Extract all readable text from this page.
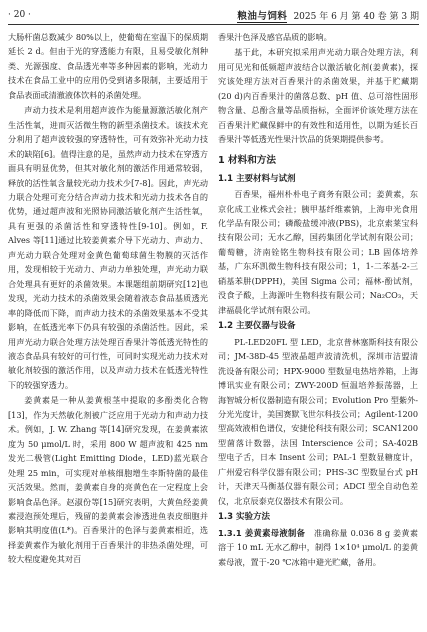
· 20 ·	粮油与饲料 2025 年 6 月 第 40 卷 第 3 期

大肠杆菌总数减少 80%以上，使葡萄在室温下的保质期延长 2 d。但由于光的穿透能力有限，且易受敏化剂种类、光源强度、食品透光率等多种因素的影响，光动力技术在食品工业中的应用仍受到诸多限制，主要适用于食品表面或清澈液体饮料的杀菌处理。

声动力技术是利用超声波作为能量源激活敏化剂产生活性氧，进而灭活微生物的新型杀菌技术。该技术充分利用了超声波较强的穿透特性，可有效弥补光动力技术的缺陷[6]。值得注意的是，虽然声动力技术在穿透方面具有明显优势，但其对敏化剂的激活作用通常较弱，释放的活性氧含量较光动力技术少[7-8]。因此，声光动力联合处理可充分结合声动力技术和光动力技术各自的优势，通过超声波和光照协同激活敏化剂产生活性氧，具有更强的杀菌活性和穿透特性[9-10]。例如，F. Alves 等[11]通过比较姜黄素介导下光动力、声动力、声光动力联合处理对金黄色葡萄球菌生物膜的灭活作用，发现相较于光动力、声动力单独处理，声光动力联合处理具有更好的杀菌效果。本课题组前期研究[12]也发现，光动力技术的杀菌效果会随着液态食品基质透光率的降低而下降，而声动力技术的杀菌效果基本不受其影响，在低透光率下仍具有较强的杀菌活性。因此，采用声光动力联合处理方法处理百香果汁等低透光特性的液态食品具有较好的可行性，可同时实现光动力技术对敏化剂较强的激活作用，以及声动力技术在低透光特性下的较强穿透力。

姜黄素是一种从姜黄根茎中提取的多酚类化合物[13]，作为天然敏化剂被广泛应用于光动力和声动力技术。例如，J. W. Zhang 等[14]研究发现，在姜黄素浓度为 50 μmol/L 时，采用 800 W 超声波和 425 nm 发光二极管(Light Emitting Diode，LED)蓝光联合处理 25 min，可实现对单核细胞增生李斯特菌的最佳灭活效果。然而，姜黄素自身的亮黄色在一定程度上会影响食品色泽。赵淑份等[15]研究表明，大黄鱼经姜黄素浸泡预处理后，残留的姜黄素会渗透进鱼表皮细胞并影响其明度值(L*)。百香果汁的色泽与姜黄素相近，选择姜黄素作为敏化剂用于百香果汁的非热杀菌处理，可较大程度避免其对百

香果汁色泽及感官品质的影响。

基于此，本研究拟采用声光动力联合处理方法，利用可见光和低频超声波结合以激活敏化剂(姜黄素)，探究该处理方法对百香果汁的杀菌效果，并基于贮藏期(20 d)内百香果汁的菌落总数、pH 值、总可溶性固形物含量、总酚含量等品质指标，全面评价该处理方法在百香果汁贮藏保鲜中的有效性和适用性，以期为延长百香果汁等低透光性果汁饮品的货架期提供参考。

1 材料和方法
1.1 主要材料与试剂

百香果，福州朴朴电子商务有限公司；姜黄素，东京化成工业株式会社；胰甲基纤维素钠，上海申光食用化学品有限公司；磷酸盐缓冲液(PBS)，北京索莱宝科技有限公司；无水乙醇，国药集团化学试剂有限公司；葡萄糖，济南铨铭生物科技有限公司；LB 固体培养基，广东环凯微生物科技有限公司；1，1-二苯基-2-三硝基苯肼(DPPH)，美国 Sigma 公司；福林-酚试剂，没食子酸，上海源叶生物科技有限公司；Na₂CO₃，天津福晨化学试剂有限公司。

1.2 主要仪器与设备

PL-LED20FL 型 LED，北京普林塞斯科技有限公司；JM-38D-45 型液晶超声波清洗机，深圳市洁盟清洗设备有限公司；HPX-9000 型数显电热培养箱，上海博讯实业有限公司；ZWY-200D 恒温培养振荡器，上海智城分析仪器制造有限公司；Evolution Pro 型紫外-分光光度计，美国赛默飞世尔科技公司；Agilent-1200 型高效液相色谱仪，安捷伦科技有限公司；SCAN1200 型菌落计数器，法国 Interscience 公司；SA-402B 型电子舌，日本 Insent 公司；PAL-1 型数显糖度计，广州爱宕科学仪器有限公司；PHS-3C 型数显台式 pH 计，天津天马衡基仪器有限公司；ADCI 型全自动色差仪，北京辰泰克仪器技术有限公司。

1.3 实验方法

1.3.1 姜黄素母液制备 准确称量 0.036 8 g 姜黄素溶于 10 mL 无水乙醇中，制得 1×10⁴ μmol/L 的姜黄素母液，置于-20 ℃冰箱中避光贮藏，备用。
